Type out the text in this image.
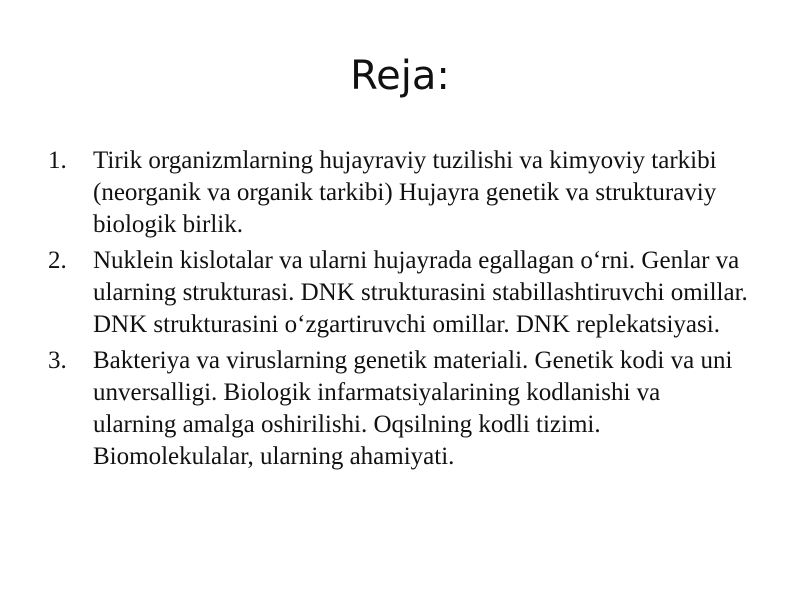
Reja:
1.	Tirik organizmlarning hujayraviy tuzilishi va kimyoviy tarkibi (neorganik va organik tarkibi) Hujayra genetik va strukturaviy biologik birlik.
2.	Nuklein kislotalar va ularni hujayrada egallagan oʻrni. Genlar va ularning strukturasi. DNK strukturasini stabillashtiruvchi omillar. DNK strukturasini oʻzgartiruvchi omillar. DNK replekatsiyasi.
3.	Bakteriya va viruslarning genetik materiali. Genetik kodi va uni unversalligi. Biologik infarmatsiyalarining kodlanishi va ularning amalga oshirilishi. Oqsilning kodli tizimi. Biomolekulalar, ularning ahamiyati.
